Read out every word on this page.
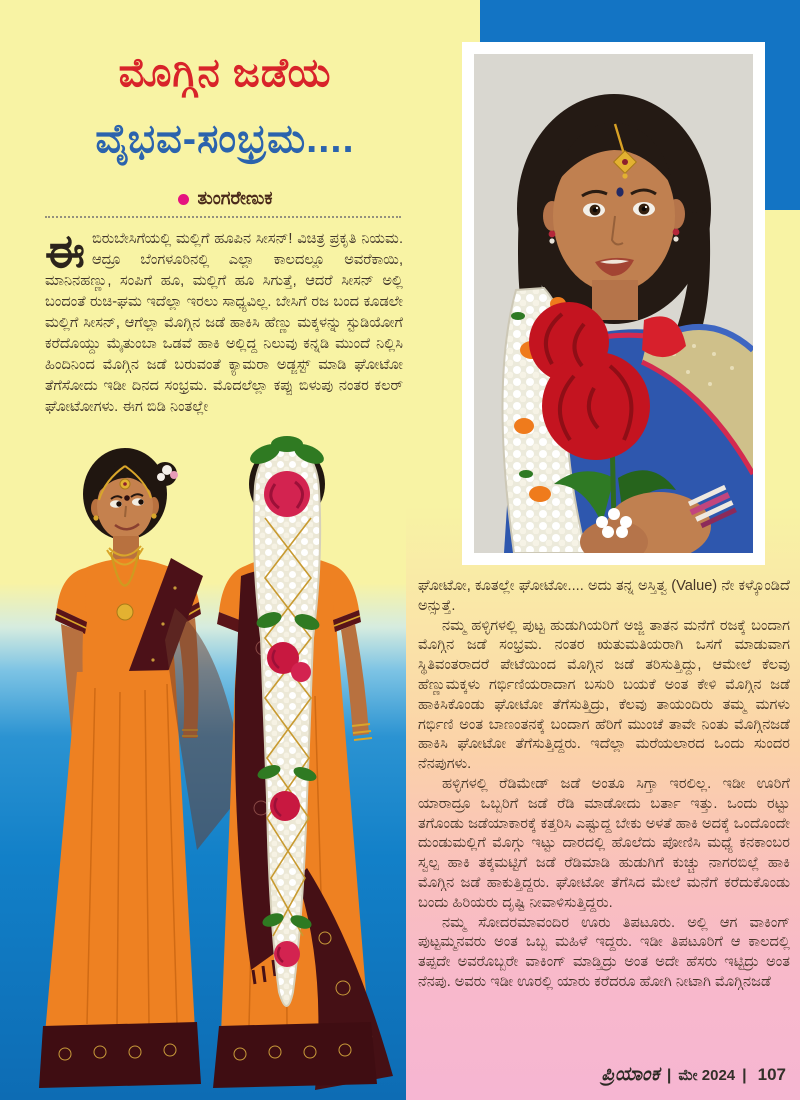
ಮೊಗ್ಗಿನ ಜಡೆಯ
ವೈಭವ-ಸಂಭ್ರಮ....
ತುಂಗರೇಣುಕ
ಈಬಿರುಬೇಸಿಗೆಯಲ್ಲಿ ಮಲ್ಲಿಗೆ ಹೂಪಿನ ಸೀಸನ್! ವಿಚಿತ್ರ ಪ್ರಕೃತಿ ನಿಯಮ. ಆದ್ರೂ ಬೆಂಗಳೂರಿನಲ್ಲಿ ಎಲ್ಲಾ ಕಾಲದಲ್ಲೂ ಅವರೆಕಾಯಿ, ಮಾನಿನಹಣ್ಣು, ಸಂಪಿಗೆ ಹೂ, ಮಲ್ಲಿಗೆ ಹೂ ಸಿಗುತ್ತೆ, ಆದರೆ ಸೀಸನ್ ಅಲ್ಲಿ ಬಂದಂತೆ ರುಚಿ-ಘಮ ಇದೆಲ್ಲಾ ಇರಲು ಸಾಧ್ಯವಿಲ್ಲ. ಬೇಸಿಗೆ ರಜ ಬಂದ ಕೂಡಲೇ ಮಲ್ಲಿಗೆ ಸೀಸನ್, ಆಗೆಲ್ಲಾ ಮೊಗ್ಗಿನ ಜಡೆ ಹಾಕಿಸಿ ಹೆಣ್ಣು ಮಕ್ಕಳನ್ನು ಸ್ಟುಡಿಯೋಗೆ ಕರೆದೊಯ್ದು ಮೈತುಂಬಾ ಒಡವೆ ಹಾಕಿ ಅಲ್ಲಿದ್ದ ನಿಲುವು ಕನ್ನಡಿ ಮುಂದೆ ನಿಲ್ಲಿಸಿ ಹಿಂದಿನಿಂದ ಮೊಗ್ಗಿನ ಜಡೆ ಬರುವಂತೆ ಕ್ಯಾಮರಾ ಅಡ್ಜಸ್ಟ್ ಮಾಡಿ ಘೋಟೋ ತೆಗೆಸೋದು ಇಡೀ ದಿನದ ಸಂಭ್ರಮ. ಮೊದಲೆಲ್ಲಾ ಕಪ್ಪು ಬಿಳುಪು ನಂತರ ಕಲರ್ ಘೋಟೋಗಳು. ಈಗ ಬಿಡಿ ನಿಂತಲ್ಲೇ

ಘೋಟೋ, ಕೂತಲ್ಲೇ ಘೋಟೋ.... ಅದು ತನ್ನ ಅಸ್ತಿತ್ವ (Value) ನೇ ಕಳ್ಕೊಂಡಿದೆ ಅನ್ಸುತ್ತೆ.

ನಮ್ಮ ಹಳ್ಳಿಗಳಲ್ಲಿ ಪುಟ್ಟ ಹುಡುಗಿಯರಿಗೆ ಅಜ್ಜಿ ತಾತನ ಮನೆಗೆ ರಜಕ್ಕೆ ಬಂದಾಗ ಮೊಗ್ಗಿನ ಜಡೆ ಸಂಭ್ರಮ. ನಂತರ ಋತುಮತಿಯರಾಗಿ ಒಸಗೆ ಮಾಡುವಾಗ ಸ್ಥಿತಿವಂತರಾದರೆ ಪೇಟೆಯಿಂದ ಮೊಗ್ಗಿನ ಜಡೆ ತರಿಸುತ್ತಿದ್ದು, ಆಮೇಲೆ ಕೆಲವು ಹೆಣ್ಣುಮಕ್ಕಳು ಗರ್ಭಿಣಿಯರಾದಾಗ ಬಸುರಿ ಬಯಕೆ ಅಂತ ಕೇಳಿ ಮೊಗ್ಗಿನ ಜಡೆ ಹಾಕಿಸಿಕೊಂಡು ಘೋಟೋ ತೆಗೆಸುತ್ತಿದ್ರು, ಕೆಲವು ತಾಯಂದಿರು ತಮ್ಮ ಮಗಳು ಗರ್ಭಿಣಿ ಅಂತ ಬಾಣಂತನಕ್ಕೆ ಬಂದಾಗ ಹೆರಿಗೆ ಮುಂಚೆ ತಾವೇ ನಿಂತು ಮೊಗ್ಗಿನಜಡೆ ಹಾಕಿಸಿ ಘೋಟೋ ತೆಗೆಸುತ್ತಿದ್ದರು. ಇದೆಲ್ಲಾ ಮರೆಯಲಾರದ ಒಂದು ಸುಂದರ ನೆನಪುಗಳು.

ಹಳ್ಳಿಗಳಲ್ಲಿ ರೆಡಿಮೇಡ್ ಜಡೆ ಅಂತೂ ಸಿಗ್ತಾ ಇರಲಿಲ್ಲ. ಇಡೀ ಊರಿಗೆ ಯಾರಾದ್ರೂ ಒಬ್ಬರಿಗೆ ಜಡೆ ರೆಡಿ ಮಾಡೋದು ಬರ್ತಾ ಇತ್ತು. ಒಂದು ರಟ್ಟು ತಗೊಂಡು ಜಡೆಯಾಕಾರಕ್ಕೆ ಕತ್ತರಿಸಿ ಎಷ್ಟುದ್ದ ಬೇಕು ಅಳತೆ ಹಾಕಿ ಅದಕ್ಕೆ ಒಂದೊಂದೇ ದುಂಡುಮಲ್ಲಿಗೆ ಮೊಗ್ಗು ಇಟ್ಟು ದಾರದಲ್ಲಿ ಹೊಲೆದು ಪೋಣಿಸಿ ಮಧ್ಯೆ ಕನಕಾಂಬರ ಸ್ವಲ್ಪ ಹಾಕಿ ತಕ್ಕಮಟ್ಟಿಗೆ ಜಡೆ ರೆಡಿಮಾಡಿ ಹುಡುಗಿಗೆ ಕುಚ್ಚು ನಾಗರಬಿಲ್ಲೆ ಹಾಕಿ ಮೊಗ್ಗಿನ ಜಡೆ ಹಾಕುತ್ತಿದ್ದರು. ಘೋಟೋ ತೆಗೆಸಿದ ಮೇಲೆ ಮನೆಗೆ ಕರೆದುಕೊಂಡು ಬಂದು ಹಿರಿಯರು ದೃಷ್ಟಿ ನೀವಾಳಿಸುತ್ತಿದ್ದರು.

ನಮ್ಮ ಸೋದರಮಾವಂದಿರ ಊರು ತಿಪಟೂರು. ಅಲ್ಲಿ ಆಗ ವಾಕಿಂಗ್ ಪುಟ್ಟಮ್ಮನವರು ಅಂತ ಒಬ್ಬ ಮಹಿಳೆ ಇದ್ದರು. ಇಡೀ ತಿಪಟೂರಿಗೆ ಆ ಕಾಲದಲ್ಲಿ ತಪ್ಪದೇ ಅವರೊಬ್ಬರೇ ವಾಕಿಂಗ್ ಮಾಡ್ತಿದ್ರು ಅಂತ ಅದೇ ಹೆಸರು ಇಟ್ಟಿದ್ರು ಅಂತ ನೆನಪು. ಅವರು ಇಡೀ ಊರಲ್ಲಿ ಯಾರು ಕರೆದರೂ ಹೋಗಿ ನೀಟಾಗಿ ಮೊಗ್ಗಿನಜಡೆ

ಪ್ರಿಯಾಂಕ | ಮೇ 2024 | 107
